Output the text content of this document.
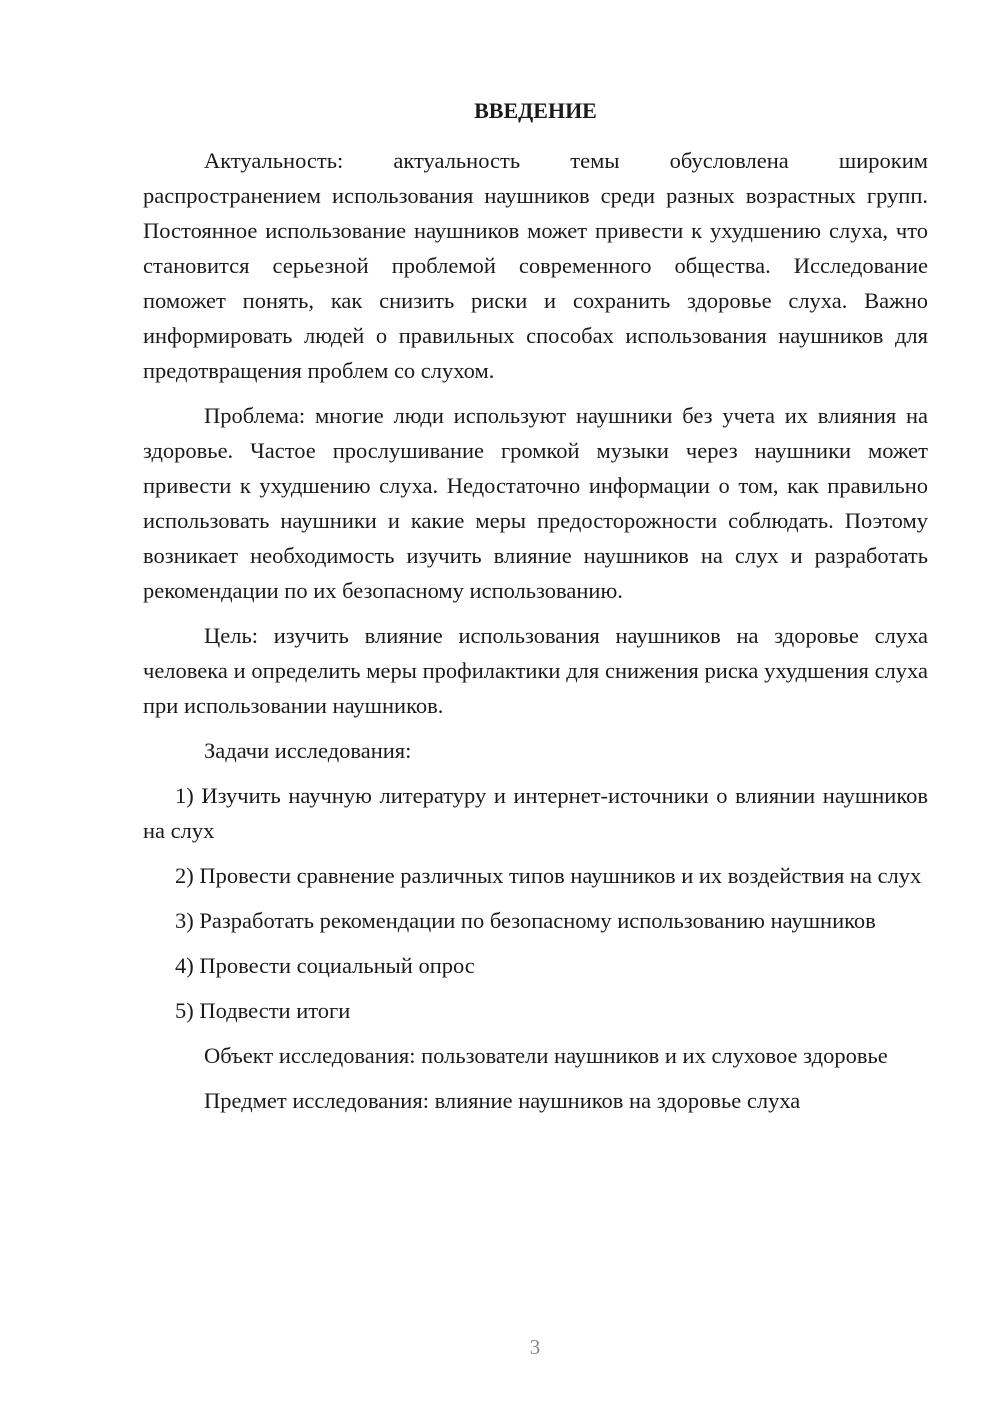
ВВЕДЕНИЕ

Актуальность: актуальность темы обусловлена широким распространением использования наушников среди разных возрастных групп. Постоянное использование наушников может привести к ухудшению слуха, что становится серьезной проблемой современного общества. Исследование поможет понять, как снизить риски и сохранить здоровье слуха. Важно информировать людей о правильных способах использования наушников для предотвращения проблем со слухом.

Проблема: многие люди используют наушники без учета их влияния на здоровье. Частое прослушивание громкой музыки через наушники может привести к ухудшению слуха. Недостаточно информации о том, как правильно использовать наушники и какие меры предосторожности соблюдать. Поэтому возникает необходимость изучить влияние наушников на слух и разработать рекомендации по их безопасному использованию.

Цель: изучить влияние использования наушников на здоровье слуха человека и определить меры профилактики для снижения риска ухудшения слуха при использовании наушников.

Задачи исследования:

1) Изучить научную литературу и интернет-источники о влиянии наушников на слух

2) Провести сравнение различных типов наушников и их воздействия на слух

3) Разработать рекомендации по безопасному использованию наушников

4) Провести социальный опрос

5) Подвести итоги

Объект исследования: пользователи наушников и их слуховое здоровье

Предмет исследования: влияние наушников на здоровье слуха

3
